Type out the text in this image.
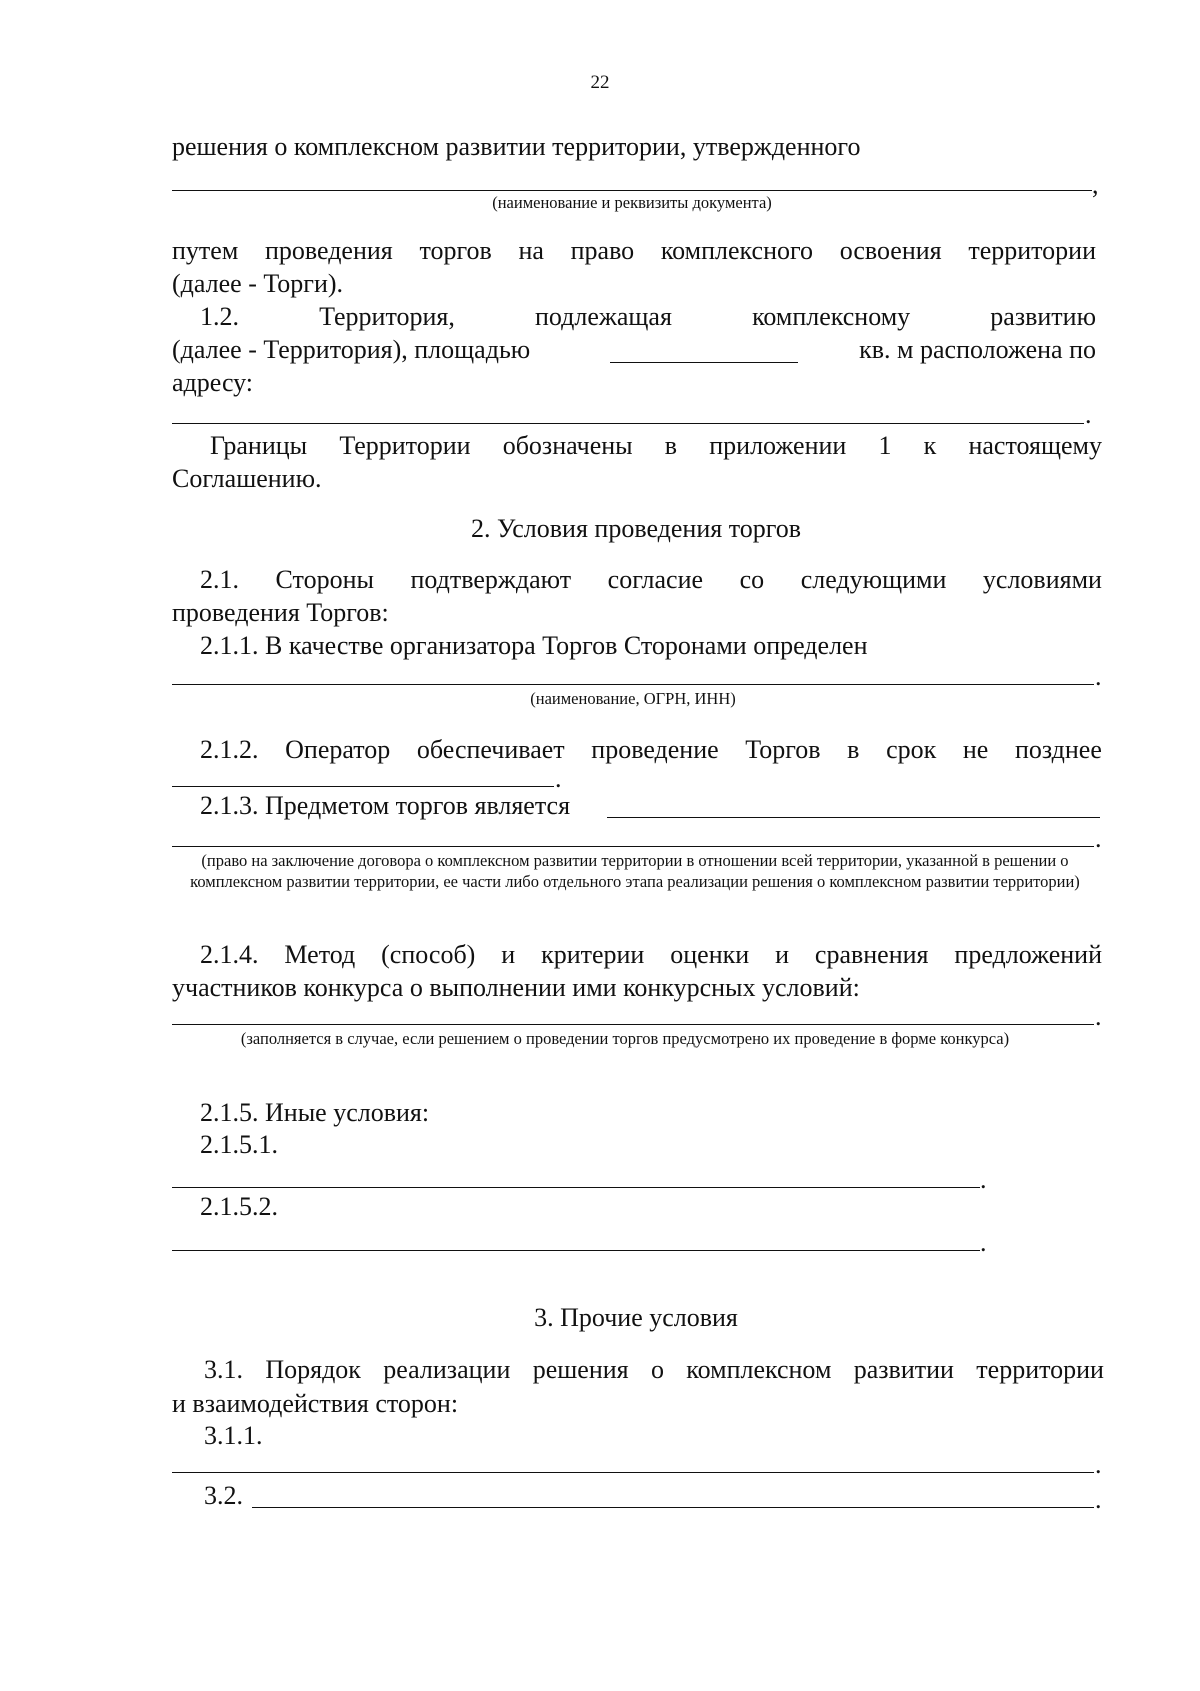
22
решения о комплексном развитии территории, утвержденного
,
(наименование и реквизиты документа)
путем проведения торгов на право комплексного освоения территории
(далее - Торги).
1.2.	Территория,	подлежащая	комплексному	развитию
(далее - Территория), площадью	кв. м расположена по
адресу:
.
Границы Территории обозначены в приложении 1 к настоящему
Соглашению.
2. Условия проведения торгов
2.1. Стороны подтверждают согласие со следующими условиями
проведения Торгов:
2.1.1. В качестве организатора Торгов Сторонами определен
.
(наименование, ОГРН, ИНН)
2.1.2. Оператор обеспечивает проведение Торгов в срок не позднее
.
2.1.3. Предметом торгов является
.
(право на заключение договора о комплексном развитии территории в отношении всей территории, указанной в решении о комплексном развитии территории, ее части либо отдельного этапа реализации решения о комплексном развитии территории)
2.1.4. Метод (способ) и критерии оценки и сравнения предложений
участников конкурса о выполнении ими конкурсных условий:
.
(заполняется в случае, если решением о проведении торгов предусмотрено их проведение в форме конкурса)
2.1.5. Иные условия:
2.1.5.1.
.
2.1.5.2.
.
3. Прочие условия
3.1. Порядок реализации решения о комплексном развитии территории
и взаимодействия сторон:
3.1.1.
.
3.2.	.
